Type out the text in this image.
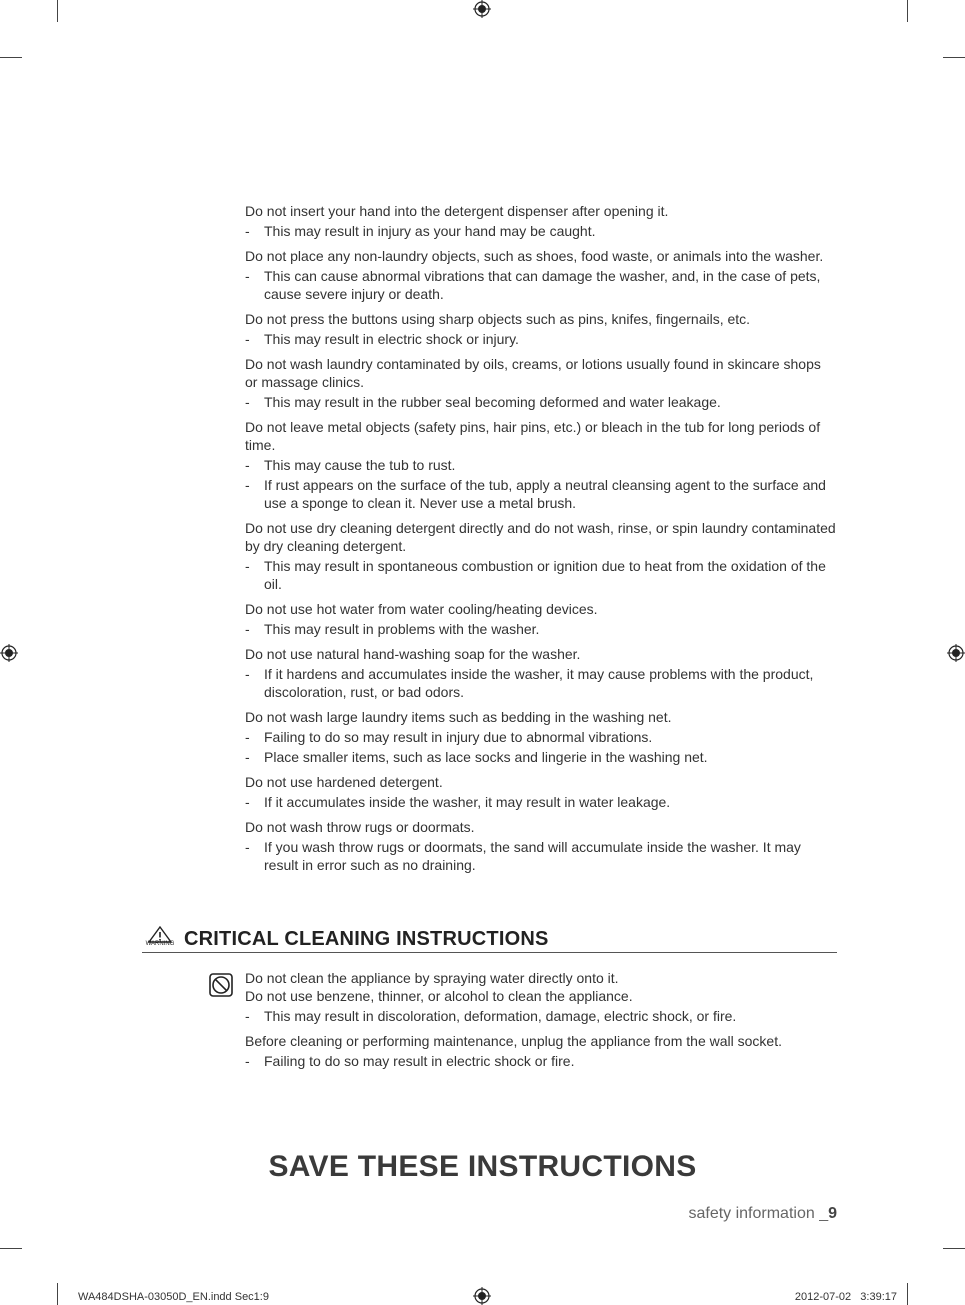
Do not insert your hand into the detergent dispenser after opening it.
- This may result in injury as your hand may be caught.
Do not place any non-laundry objects, such as shoes, food waste, or animals into the washer.
- This can cause abnormal vibrations that can damage the washer, and, in the case of pets, cause severe injury or death.
Do not press the buttons using sharp objects such as pins, knifes, fingernails, etc.
- This may result in electric shock or injury.
Do not wash laundry contaminated by oils, creams, or lotions usually found in skincare shops or massage clinics.
- This may result in the rubber seal becoming deformed and water leakage.
Do not leave metal objects (safety pins, hair pins, etc.) or bleach in the tub for long periods of time.
- This may cause the tub to rust.
- If rust appears on the surface of the tub, apply a neutral cleansing agent to the surface and use a sponge to clean it. Never use a metal brush.
Do not use dry cleaning detergent directly and do not wash, rinse, or spin laundry contaminated by dry cleaning detergent.
- This may result in spontaneous combustion or ignition due to heat from the oxidation of the oil.
Do not use hot water from water cooling/heating devices.
- This may result in problems with the washer.
Do not use natural hand-washing soap for the washer.
- If it hardens and accumulates inside the washer, it may cause problems with the product, discoloration, rust, or bad odors.
Do not wash large laundry items such as bedding in the washing net.
- Failing to do so may result in injury due to abnormal vibrations.
- Place smaller items, such as lace socks and lingerie in the washing net.
Do not use hardened detergent.
- If it accumulates inside the washer, it may result in water leakage.
Do not wash throw rugs or doormats.
- If you wash throw rugs or doormats, the sand will accumulate inside the washer. It may result in error such as no draining.
WARNING CRITICAL CLEANING INSTRUCTIONS
Do not clean the appliance by spraying water directly onto it.
Do not use benzene, thinner, or alcohol to clean the appliance.
- This may result in discoloration, deformation, damage, electric shock, or fire.
Before cleaning or performing maintenance, unplug the appliance from the wall socket.
- Failing to do so may result in electric shock or fire.
SAVE THESE INSTRUCTIONS
safety information _9
WA484DSHA-03050D_EN.indd Sec1:9	2012-07-02   3:39:17
